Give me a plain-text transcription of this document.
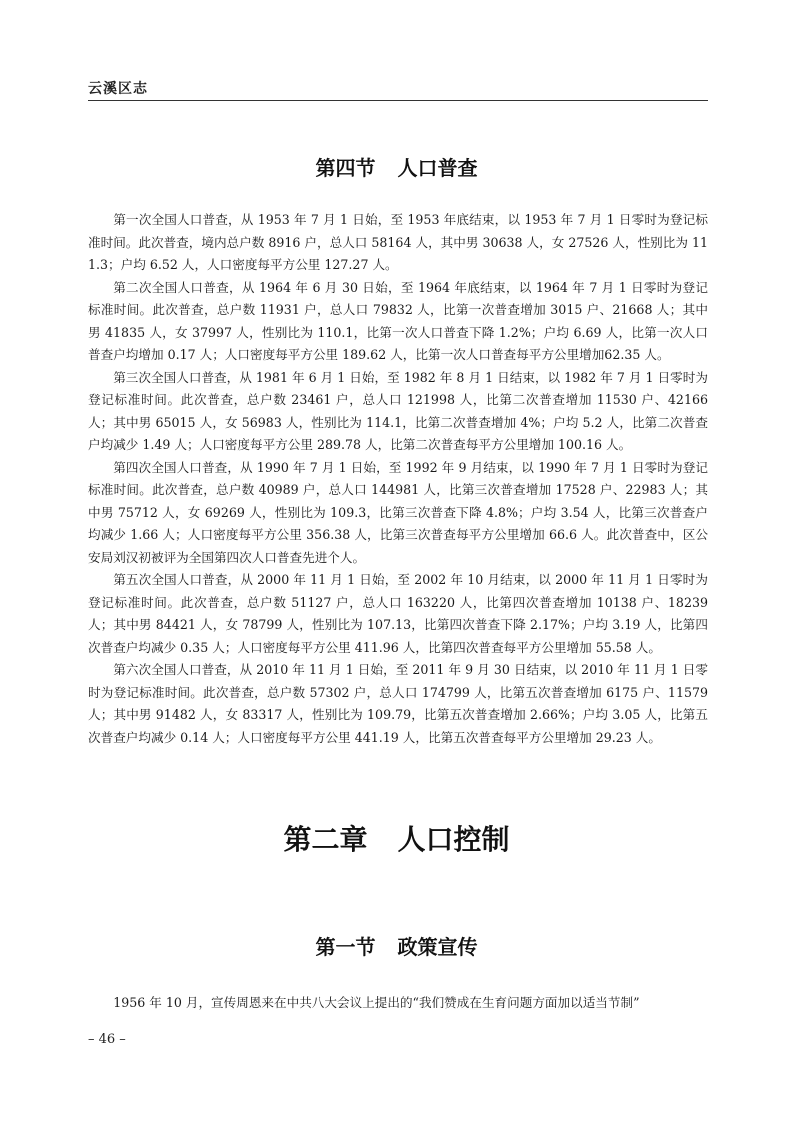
云溪区志
第四节 人口普查

第一次全国人口普查，从 1953 年 7 月 1 日始，至 1953 年底结束，以 1953 年 7 月 1 日零时为登记标准时间。此次普查，境内总户数 8916 户，总人口 58164 人，其中男 30638 人，女 27526 人，性别比为 111.3；户均 6.52 人，人口密度每平方公里 127.27 人。

第二次全国人口普查，从 1964 年 6 月 30 日始，至 1964 年底结束，以 1964 年 7 月 1 日零时为登记标准时间。此次普查，总户数 11931 户，总人口 79832 人，比第一次普查增加 3015 户、21668 人；其中男 41835 人，女 37997 人，性别比为 110.1，比第一次人口普查下降 1.2%；户均 6.69 人，比第一次人口普查户均增加 0.17 人；人口密度每平方公里 189.62 人，比第一次人口普查每平方公里增加62.35 人。

第三次全国人口普查，从 1981 年 6 月 1 日始，至 1982 年 8 月 1 日结束，以 1982 年 7 月 1 日零时为登记标准时间。此次普查，总户数 23461 户，总人口 121998 人，比第二次普查增加 11530 户、42166 人；其中男 65015 人，女 56983 人，性别比为 114.1，比第二次普查增加 4%；户均 5.2 人，比第二次普查户均减少 1.49 人；人口密度每平方公里 289.78 人，比第二次普查每平方公里增加 100.16 人。

第四次全国人口普查，从 1990 年 7 月 1 日始，至 1992 年 9 月结束，以 1990 年 7 月 1 日零时为登记标准时间。此次普查，总户数 40989 户，总人口 144981 人，比第三次普查增加 17528 户、22983 人；其中男 75712 人，女 69269 人，性别比为 109.3，比第三次普查下降 4.8%；户均 3.54 人，比第三次普查户均减少 1.66 人；人口密度每平方公里 356.38 人，比第三次普查每平方公里增加 66.6 人。此次普查中，区公安局刘汉初被评为全国第四次人口普查先进个人。

第五次全国人口普查，从 2000 年 11 月 1 日始，至 2002 年 10 月结束，以 2000 年 11 月 1 日零时为登记标准时间。此次普查，总户数 51127 户，总人口 163220 人，比第四次普查增加 10138 户、18239 人；其中男 84421 人，女 78799 人，性别比为 107.13，比第四次普查下降 2.17%；户均 3.19 人，比第四次普查户均减少 0.35 人；人口密度每平方公里 411.96 人，比第四次普查每平方公里增加 55.58 人。

第六次全国人口普查，从 2010 年 11 月 1 日始，至 2011 年 9 月 30 日结束，以 2010 年 11 月 1 日零时为登记标准时间。此次普查，总户数 57302 户，总人口 174799 人，比第五次普查增加 6175 户、11579 人；其中男 91482 人，女 83317 人，性别比为 109.79，比第五次普查增加 2.66%；户均 3.05 人，比第五次普查户均减少 0.14 人；人口密度每平方公里 441.19 人，比第五次普查每平方公里增加 29.23 人。

第二章 人口控制
第一节 政策宣传

1956 年 10 月，宣传周恩来在中共八大会议上提出的“我们赞成在生育问题方面加以适当节制”

– 46 –
